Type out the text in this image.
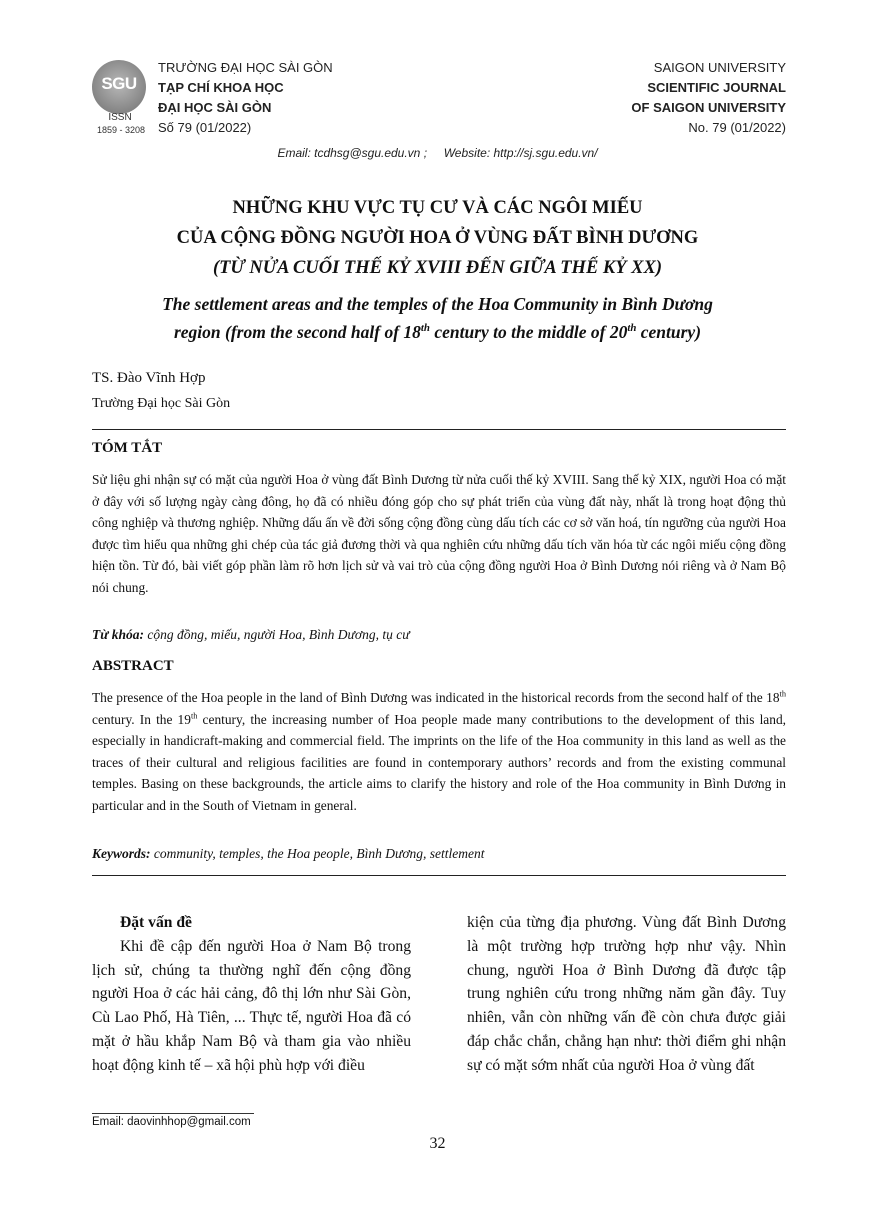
SGU
ISSN
1859 - 3208
TRƯỜNG ĐẠI HỌC SÀI GÒN
TẠP CHÍ KHOA HỌC
ĐẠI HỌC SÀI GÒN
Số 79 (01/2022)
SAIGON UNIVERSITY
SCIENTIFIC JOURNAL
OF SAIGON UNIVERSITY
No. 79 (01/2022)
Email: tcdhsg@sgu.edu.vn ;     Website: http://sj.sgu.edu.vn/
NHỮNG KHU VỰC TỤ CƯ VÀ CÁC NGÔI MIẾU
CỦA CỘNG ĐỒNG NGƯỜI HOA Ở VÙNG ĐẤT BÌNH DƯƠNG
(TỪ NỬA CUỐI THẾ KỶ XVIII ĐẾN GIỮA THẾ KỶ XX)
The settlement areas and the temples of the Hoa Community in Bình Dương
region (from the second half of 18th century to the middle of 20th century)
TS. Đào Vĩnh Hợp
Trường Đại học Sài Gòn
TÓM TẮT
Sử liệu ghi nhận sự có mặt của người Hoa ở vùng đất Bình Dương từ nửa cuối thế kỷ XVIII. Sang thế kỷ XIX, người Hoa có mặt ở đây với số lượng ngày càng đông, họ đã có nhiều đóng góp cho sự phát triển của vùng đất này, nhất là trong hoạt động thủ công nghiệp và thương nghiệp. Những dấu ấn về đời sống cộng đồng cùng dấu tích các cơ sở văn hoá, tín ngưỡng của người Hoa được tìm hiểu qua những ghi chép của tác giả đương thời và qua nghiên cứu những dấu tích văn hóa từ các ngôi miếu cộng đồng hiện tồn. Từ đó, bài viết góp phần làm rõ hơn lịch sử và vai trò của cộng đồng người Hoa ở Bình Dương nói riêng và ở Nam Bộ nói chung.
Từ khóa: cộng đồng, miếu, người Hoa, Bình Dương, tụ cư
ABSTRACT
The presence of the Hoa people in the land of Bình Dương was indicated in the historical records from the second half of the 18th century. In the 19th century, the increasing number of Hoa people made many contributions to the development of this land, especially in handicraft-making and commercial field. The imprints on the life of the Hoa community in this land as well as the traces of their cultural and religious facilities are found in contemporary authors’ records and from the existing communal temples. Basing on these backgrounds, the article aims to clarify the history and role of the Hoa community in Bình Dương in particular and in the South of Vietnam in general.
Keywords: community, temples, the Hoa people, Bình Dương, settlement

Đặt vấn đề

Khi đề cập đến người Hoa ở Nam Bộ trong lịch sử, chúng ta thường nghĩ đến cộng đồng người Hoa ở các hải cảng, đô thị lớn như Sài Gòn, Cù Lao Phố, Hà Tiên, ... Thực tế, người Hoa đã có mặt ở hầu khắp Nam Bộ và tham gia vào nhiều hoạt động kinh tế – xã hội phù hợp với điều

kiện của từng địa phương. Vùng đất Bình Dương là một trường hợp trường hợp như vậy. Nhìn chung, người Hoa ở Bình Dương đã được tập trung nghiên cứu trong những năm gần đây. Tuy nhiên, vẫn còn những vấn đề còn chưa được giải đáp chắc chắn, chẳng hạn như: thời điểm ghi nhận sự có mặt sớm nhất của người Hoa ở vùng đất

Email: daovinhhop@gmail.com
32
